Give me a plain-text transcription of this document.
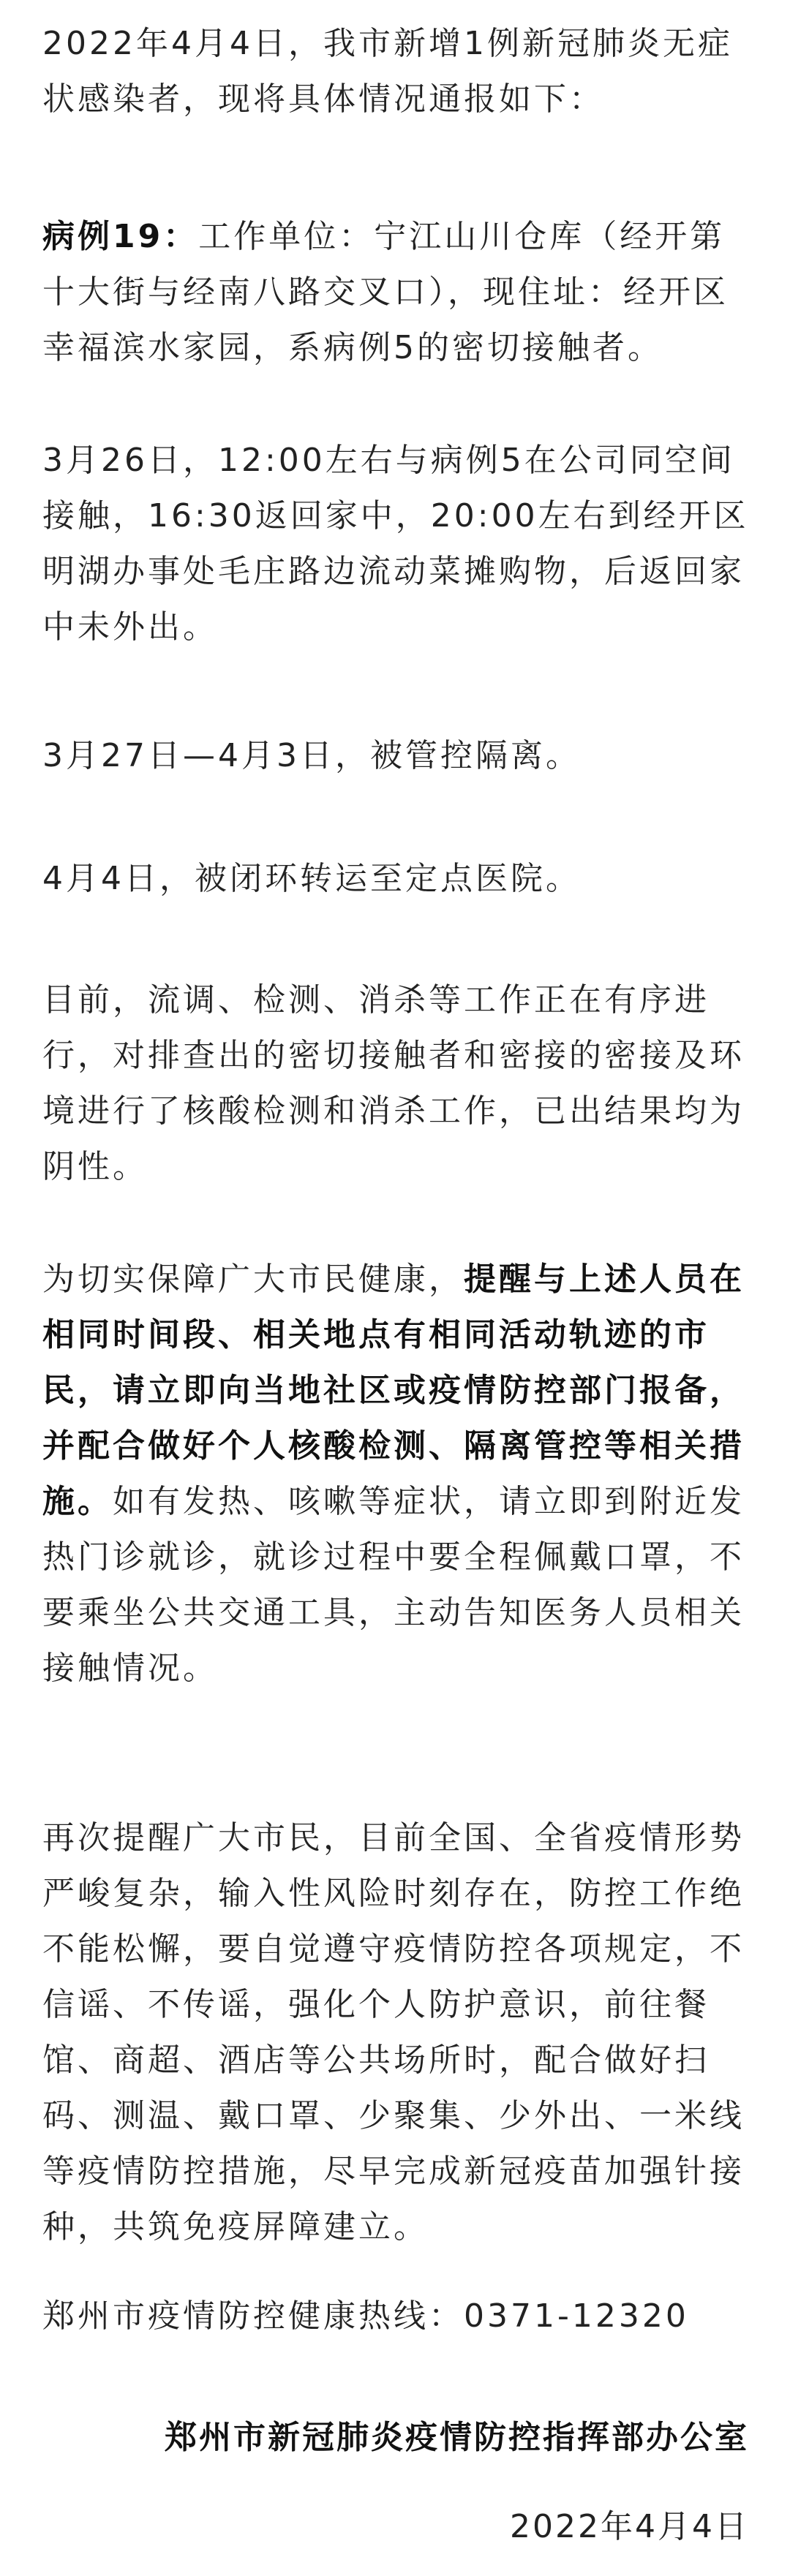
2022年4月4日，我市新增1例新冠肺炎无症状感染者，现将具体情况通报如下：

病例19：工作单位：宁江山川仓库（经开第十大街与经南八路交叉口），现住址：经开区幸福滨水家园，系病例5的密切接触者。

3月26日，12:00左右与病例5在公司同空间接触，16:30返回家中，20:00左右到经开区明湖办事处毛庄路边流动菜摊购物，后返回家中未外出。

3月27日—4月3日，被管控隔离。

4月4日，被闭环转运至定点医院。

目前，流调、检测、消杀等工作正在有序进行，对排查出的密切接触者和密接的密接及环境进行了核酸检测和消杀工作，已出结果均为阴性。

为切实保障广大市民健康，提醒与上述人员在相同时间段、相关地点有相同活动轨迹的市民，请立即向当地社区或疫情防控部门报备，并配合做好个人核酸检测、隔离管控等相关措施。如有发热、咳嗽等症状，请立即到附近发热门诊就诊，就诊过程中要全程佩戴口罩，不要乘坐公共交通工具，主动告知医务人员相关接触情况。

再次提醒广大市民，目前全国、全省疫情形势严峻复杂，输入性风险时刻存在，防控工作绝不能松懈，要自觉遵守疫情防控各项规定，不信谣、不传谣，强化个人防护意识，前往餐馆、商超、酒店等公共场所时，配合做好扫码、测温、戴口罩、少聚集、少外出、一米线等疫情防控措施，尽早完成新冠疫苗加强针接种，共筑免疫屏障建立。

郑州市疫情防控健康热线：0371-12320

郑州市新冠肺炎疫情防控指挥部办公室
2022年4月4日
